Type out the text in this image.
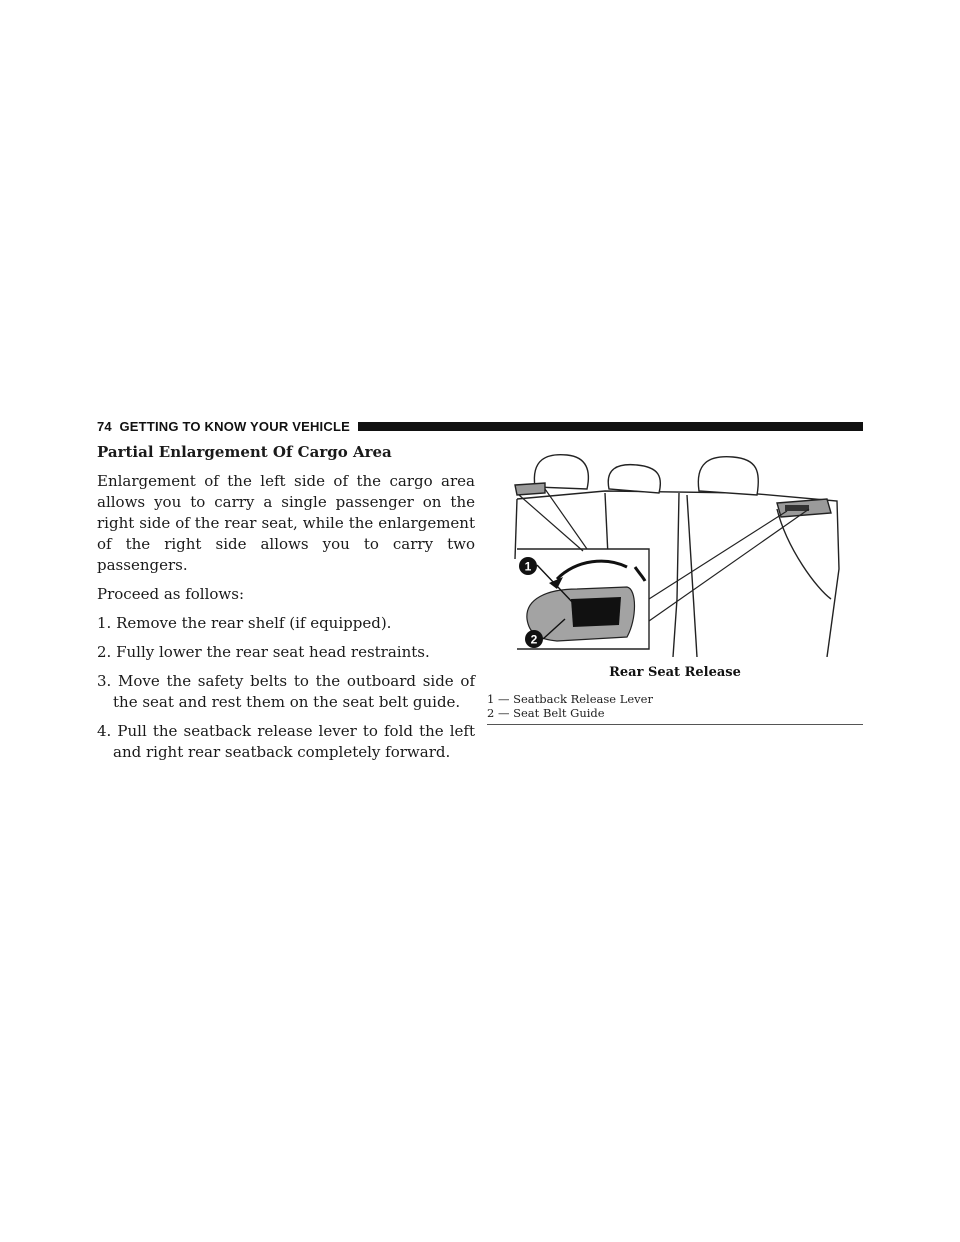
74 GETTING TO KNOW YOUR VEHICLE

Partial Enlargement Of Cargo Area

Enlargement of the left side of the cargo area allows you to carry a single passenger on the right side of the rear seat, while the enlargement of the right side allows you to carry two passengers.

Proceed as follows:

1. Remove the rear shelf (if equipped).

2. Fully lower the rear seat head restraints.

3. Move the safety belts to the outboard side of the seat and rest them on the seat belt guide.

4. Pull the seatback release lever to fold the left and right rear seatback completely forward.

1
2
Rear Seat Release
1 — Seatback Release Lever
2 — Seat Belt Guide
